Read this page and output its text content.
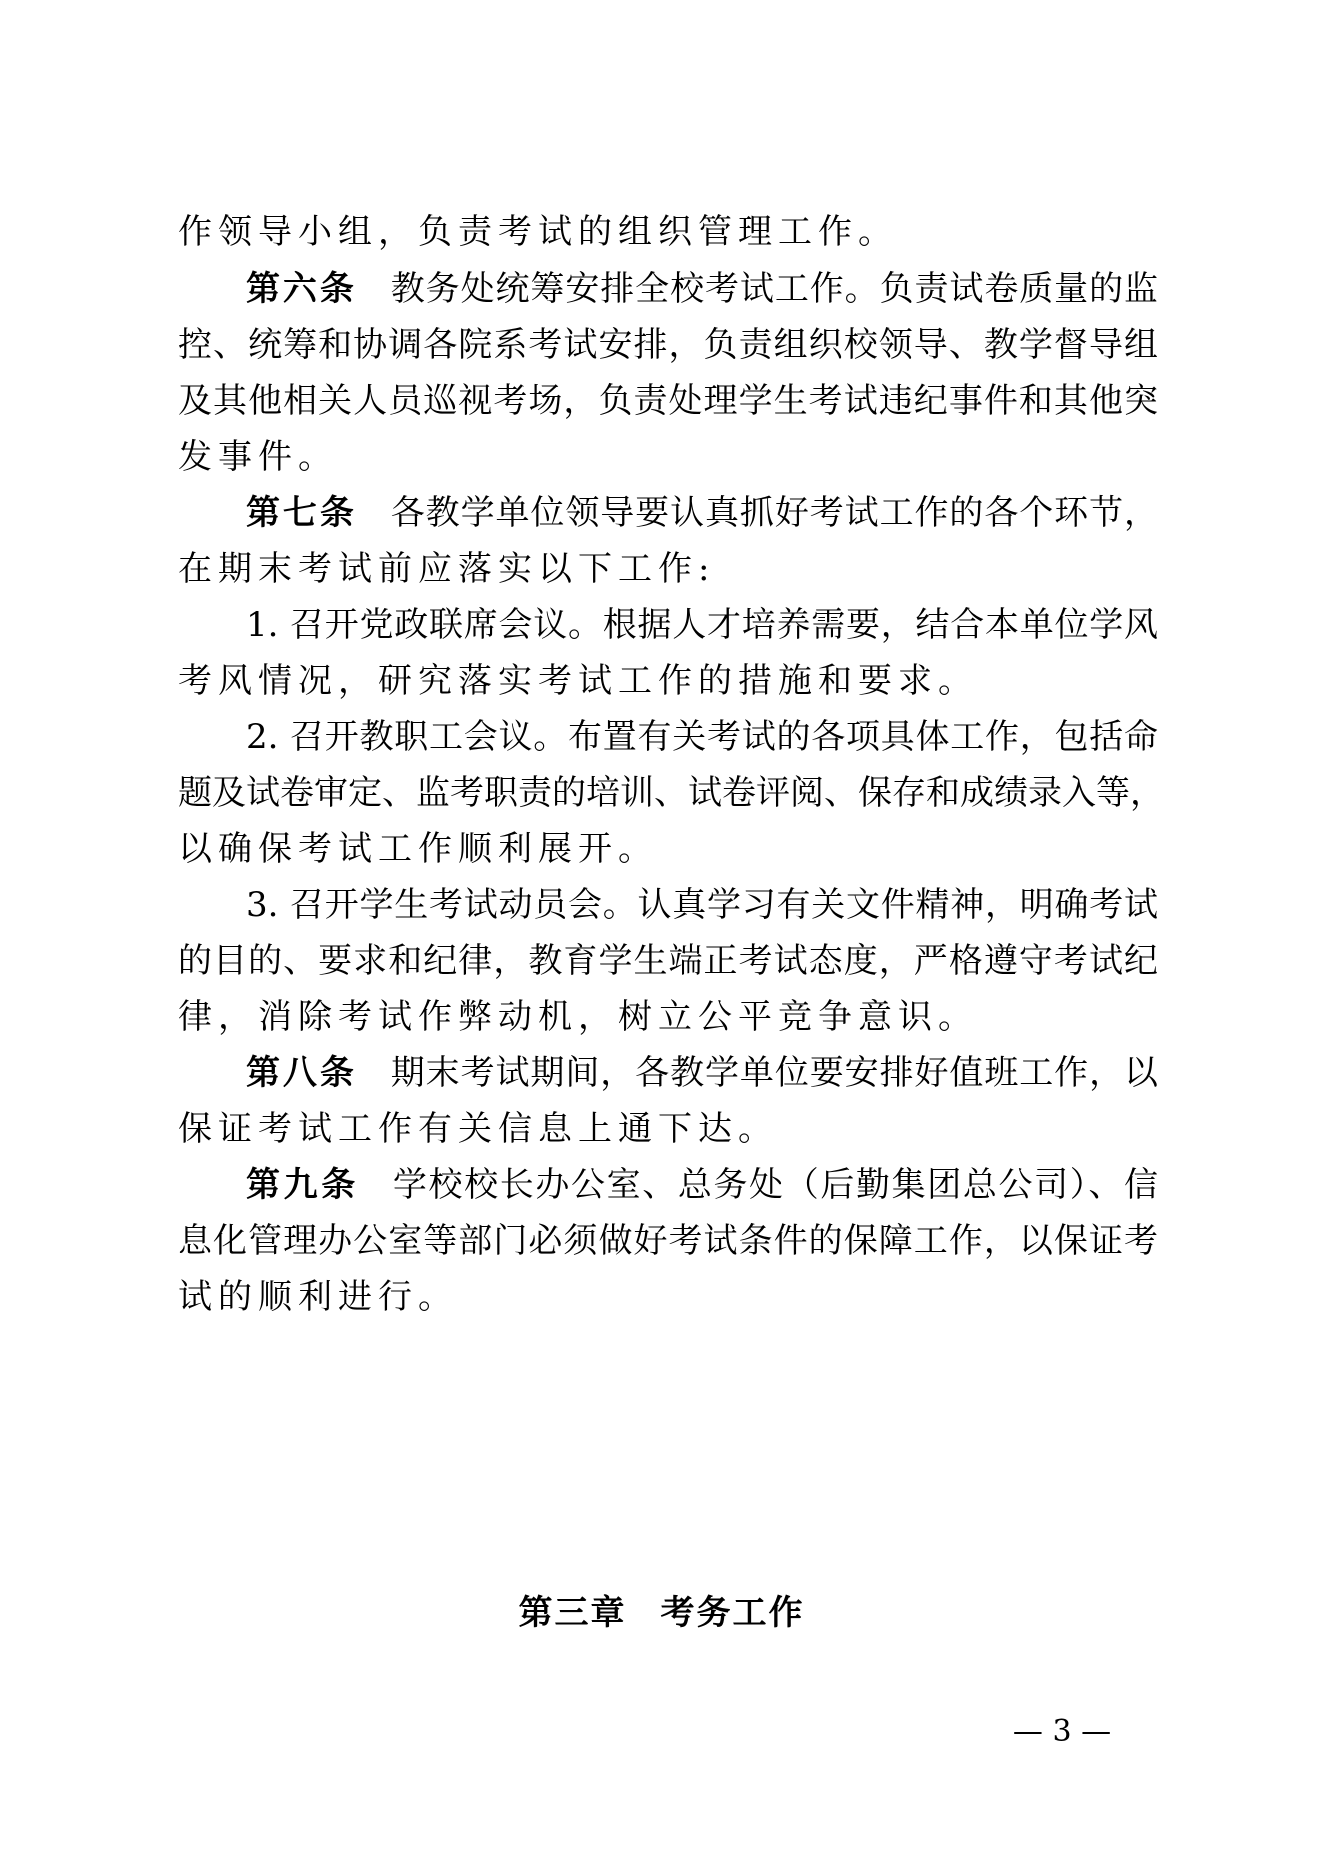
作领导小组，负责考试的组织管理工作。
第六条 教务处统筹安排全校考试工作。负责试卷质量的监
控、统筹和协调各院系考试安排，负责组织校领导、教学督导组
及其他相关人员巡视考场，负责处理学生考试违纪事件和其他突
发事件。
第七条 各教学单位领导要认真抓好考试工作的各个环节，
在期末考试前应落实以下工作:
1. 召开党政联席会议。根据人才培养需要，结合本单位学风
考风情况，研究落实考试工作的措施和要求。
2. 召开教职工会议。布置有关考试的各项具体工作，包括命
题及试卷审定、监考职责的培训、试卷评阅、保存和成绩录入等，
以确保考试工作顺利展开。
3. 召开学生考试动员会。认真学习有关文件精神，明确考试
的目的、要求和纪律，教育学生端正考试态度，严格遵守考试纪
律，消除考试作弊动机，树立公平竞争意识。
第八条 期末考试期间，各教学单位要安排好值班工作，以
保证考试工作有关信息上通下达。
第九条 学校校长办公室、总务处（后勤集团总公司）、信
息化管理办公室等部门必须做好考试条件的保障工作，以保证考
试的顺利进行。
第三章 考务工作
— 3 —
